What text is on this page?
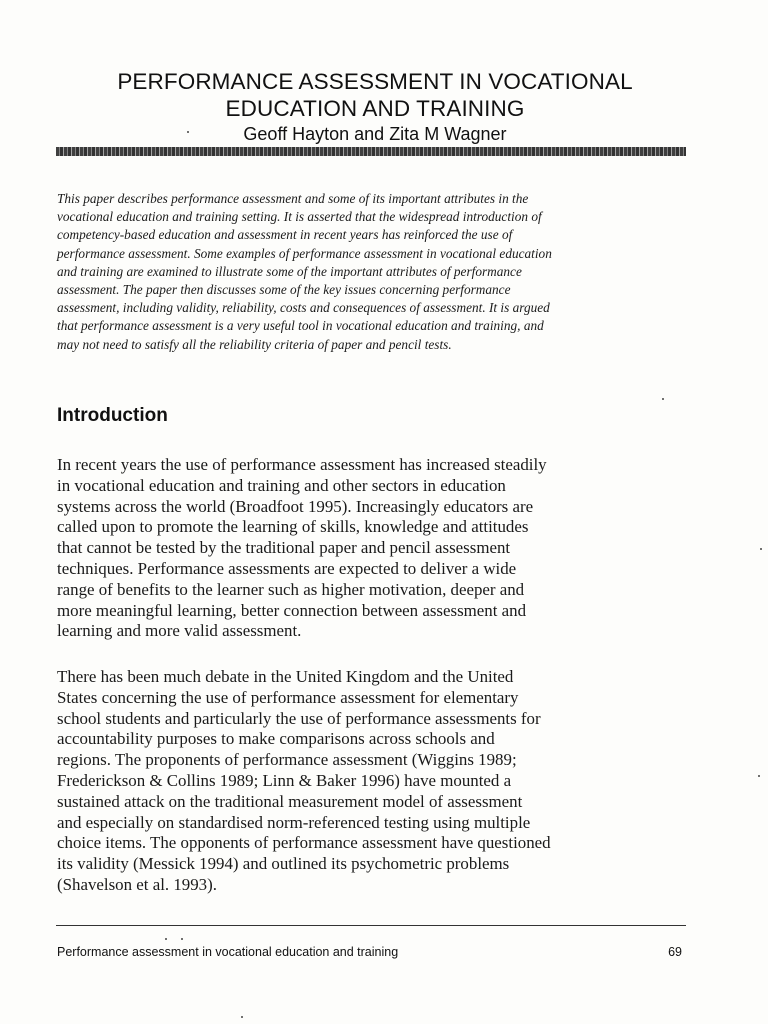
PERFORMANCE ASSESSMENT IN VOCATIONAL
EDUCATION AND TRAINING
Geoff Hayton and Zita M Wagner
This paper describes performance assessment and some of its important attributes in the
vocational education and training setting. It is asserted that the widespread introduction of
competency-based education and assessment in recent years has reinforced the use of
performance assessment. Some examples of performance assessment in vocational education
and training are examined to illustrate some of the important attributes of performance
assessment. The paper then discusses some of the key issues concerning performance
assessment, including validity, reliability, costs and consequences of assessment. It is argued
that performance assessment is a very useful tool in vocational education and training, and
may not need to satisfy all the reliability criteria of paper and pencil tests.
Introduction
In recent years the use of performance assessment has increased steadily
in vocational education and training and other sectors in education
systems across the world (Broadfoot 1995). Increasingly educators are
called upon to promote the learning of skills, knowledge and attitudes
that cannot be tested by the traditional paper and pencil assessment
techniques. Performance assessments are expected to deliver a wide
range of benefits to the learner such as higher motivation, deeper and
more meaningful learning, better connection between assessment and
learning and more valid assessment.
There has been much debate in the United Kingdom and the United
States concerning the use of performance assessment for elementary
school students and particularly the use of performance assessments for
accountability purposes to make comparisons across schools and
regions. The proponents of performance assessment (Wiggins 1989;
Frederickson & Collins 1989; Linn & Baker 1996) have mounted a
sustained attack on the traditional measurement model of assessment
and especially on standardised norm-referenced testing using multiple
choice items. The opponents of performance assessment have questioned
its validity (Messick 1994) and outlined its psychometric problems
(Shavelson et al. 1993).
Performance assessment in vocational education and training	69
